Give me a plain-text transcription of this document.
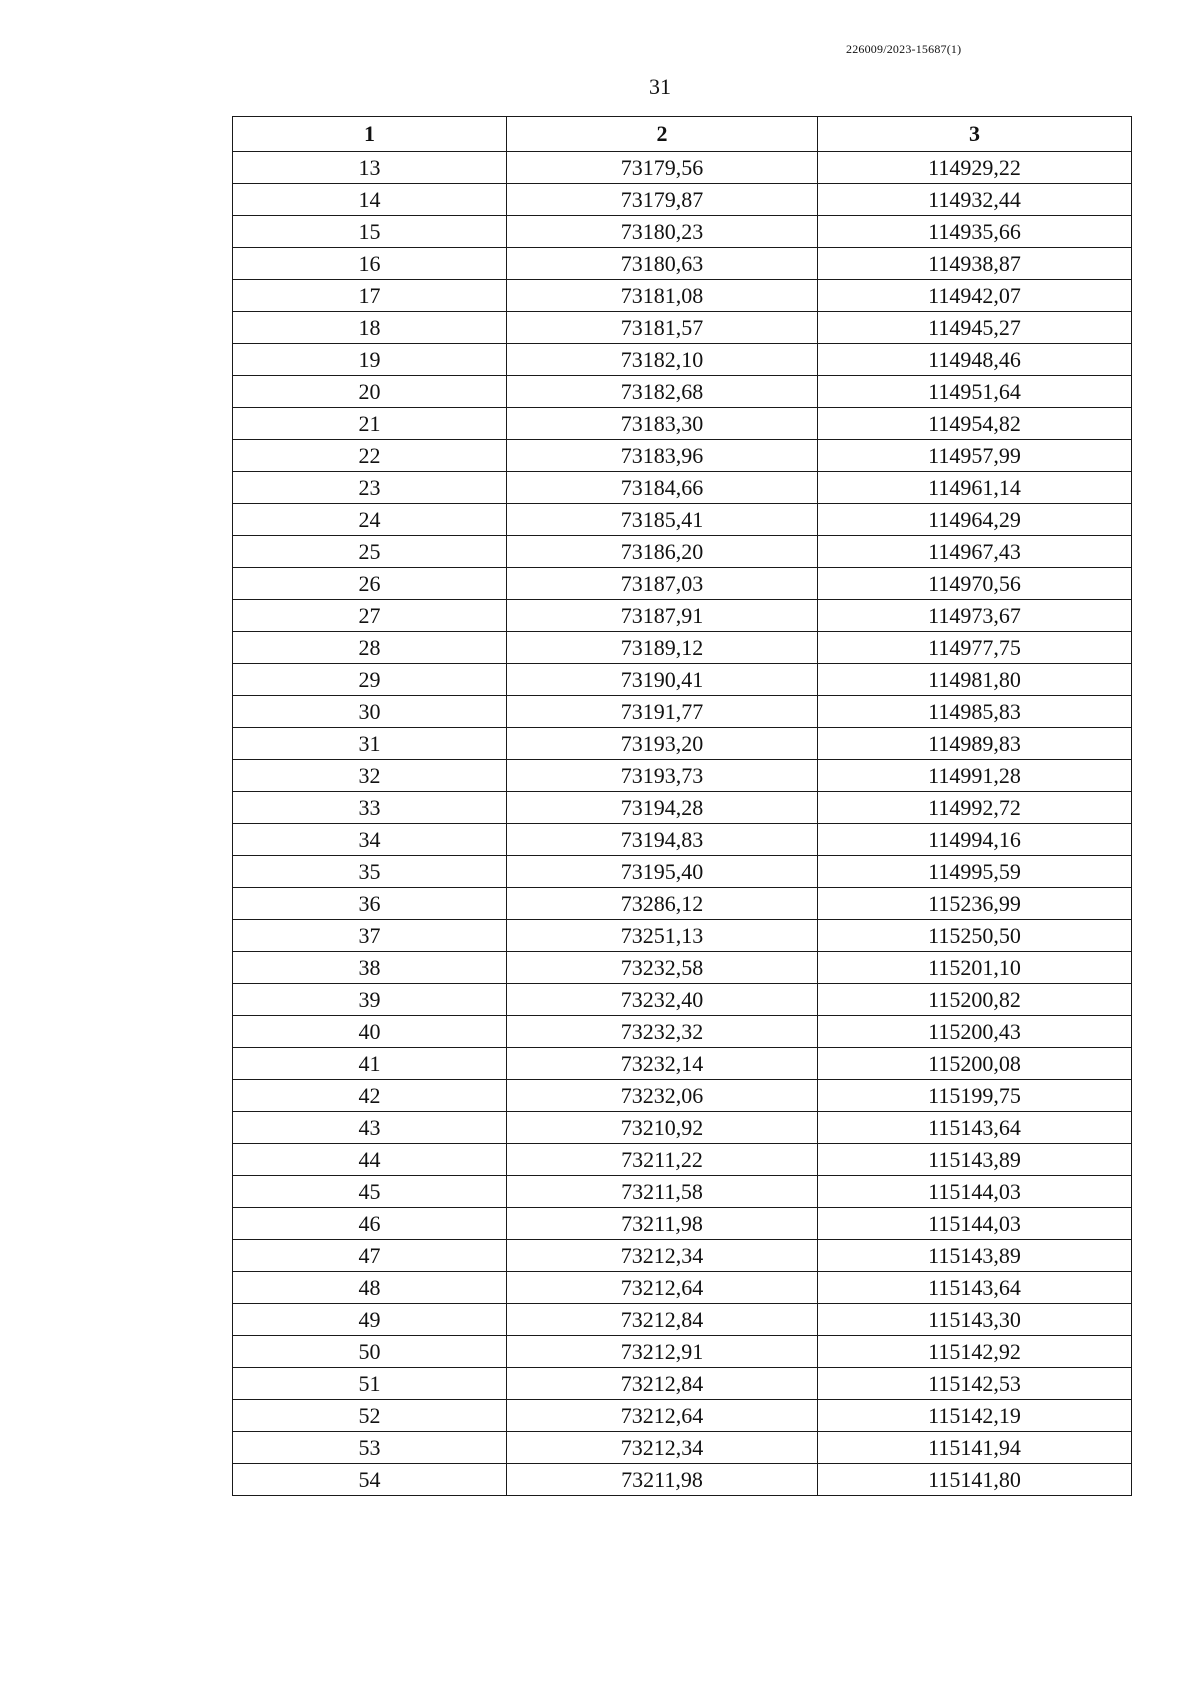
226009/2023-15687(1)
31
1	2	3
13	73179,56	114929,22
14	73179,87	114932,44
15	73180,23	114935,66
16	73180,63	114938,87
17	73181,08	114942,07
18	73181,57	114945,27
19	73182,10	114948,46
20	73182,68	114951,64
21	73183,30	114954,82
22	73183,96	114957,99
23	73184,66	114961,14
24	73185,41	114964,29
25	73186,20	114967,43
26	73187,03	114970,56
27	73187,91	114973,67
28	73189,12	114977,75
29	73190,41	114981,80
30	73191,77	114985,83
31	73193,20	114989,83
32	73193,73	114991,28
33	73194,28	114992,72
34	73194,83	114994,16
35	73195,40	114995,59
36	73286,12	115236,99
37	73251,13	115250,50
38	73232,58	115201,10
39	73232,40	115200,82
40	73232,32	115200,43
41	73232,14	115200,08
42	73232,06	115199,75
43	73210,92	115143,64
44	73211,22	115143,89
45	73211,58	115144,03
46	73211,98	115144,03
47	73212,34	115143,89
48	73212,64	115143,64
49	73212,84	115143,30
50	73212,91	115142,92
51	73212,84	115142,53
52	73212,64	115142,19
53	73212,34	115141,94
54	73211,98	115141,80
